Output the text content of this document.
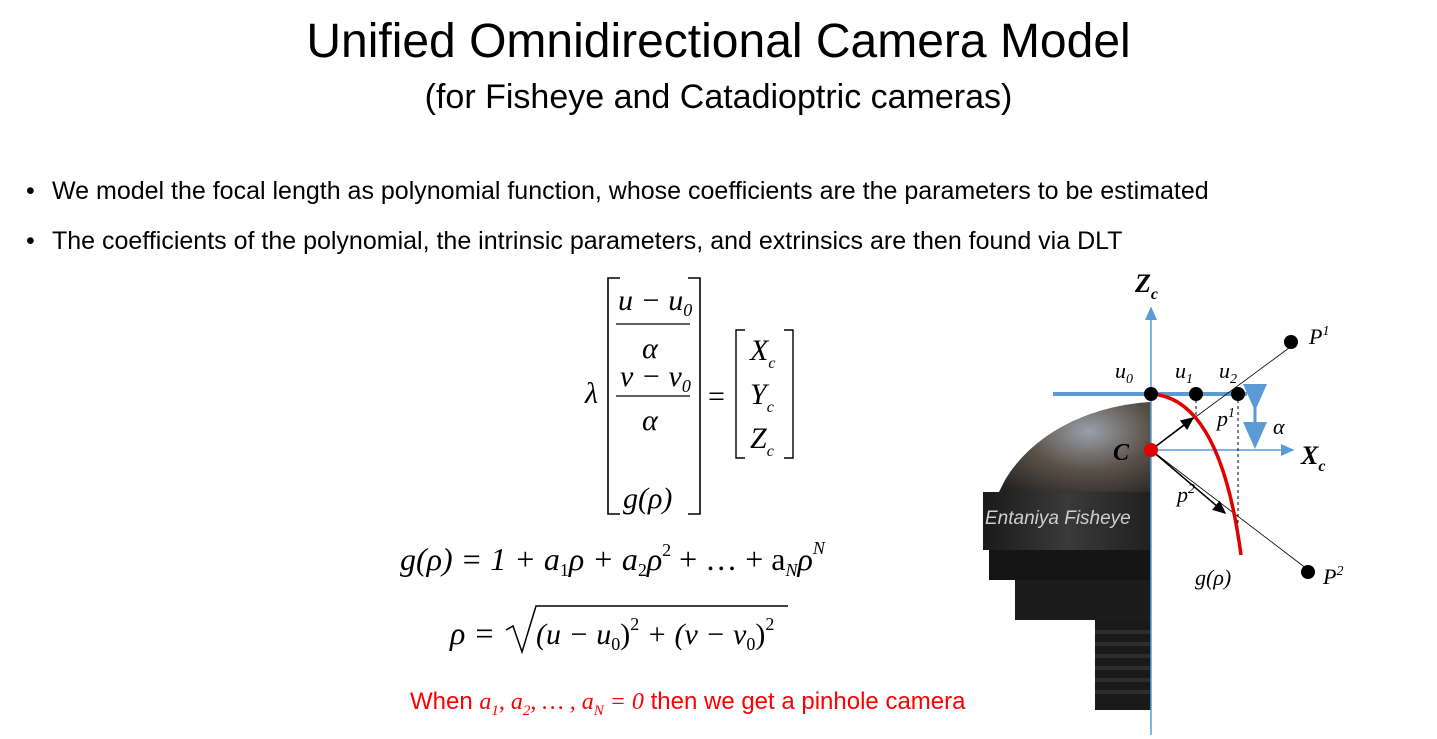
Unified Omnidirectional Camera Model
(for Fisheye and Catadioptric cameras)
• We model the focal length as polynomial function, whose coefficients are the parameters to be estimated
• The coefficients of the polynomial, the intrinsic parameters, and extrinsics are then found via DLT
λ
$u - u_0$
α
$v - v_0$
α
g(ρ)
=
$X_c$
$Y_c$
$Z_c$
$g(\rho) = 1 + a1\rho + a2\rho^2$ + … + aNρ$^N$
$\rho = (u - u_0)^2 + (v - v_0)^2$
When $a_1$, $a_2$, … , $a_N = 0$ then we get a pinhole camera
Entaniya Fisheye
$Z_c$
$X_c$
C
$u_0$ $u_1$ $u_2$
$P^1$
$P^2$
$p^1$
$p^2$
α
g(ρ)
